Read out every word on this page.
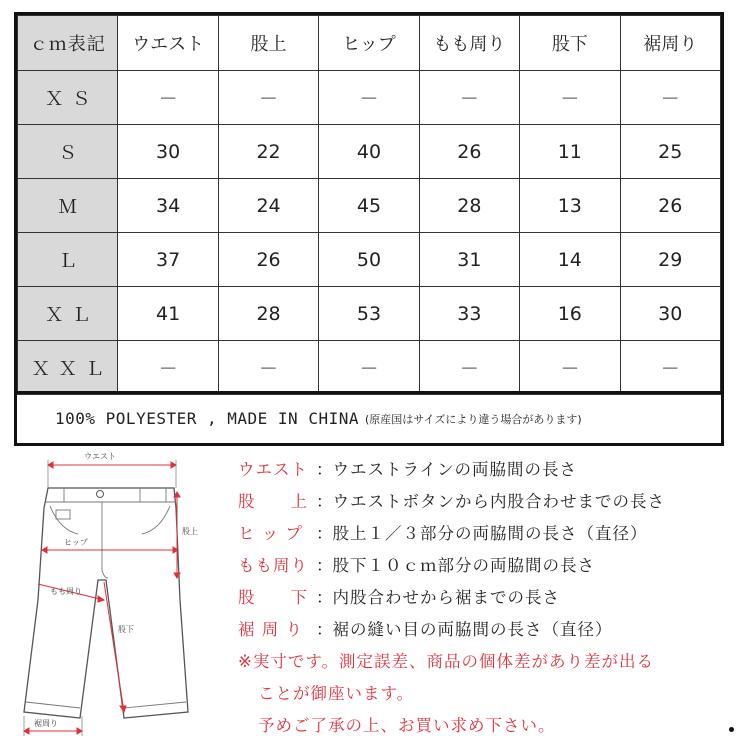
ｃｍ表記	ウエスト	股上	ヒップ	もも周り	股下	裾周り
ＸＳ	－	－	－	－	－	－
Ｓ	30	22	40	26	11	25
Ｍ	34	24	45	28	13	26
Ｌ	37	26	50	31	14	29
ＸＬ	41	28	53	33	16	30
ＸＸＬ	－	－	－	－	－	－
100% POLYESTER , MADE IN CHINA (原産国はサイズにより違う場合があります)
ウエスト
股上
ヒップ
もも周り
股下
裾周り
ウエスト ： ウエストラインの両脇間の長さ
股　　上 ： ウエストボタンから内股合わせまでの長さ
ヒ ッ プ ： 股上１／３部分の両脇間の長さ（直径）
もも周り ： 股下１０ｃｍ部分の両脇間の長さ
股　　下 ： 内股合わせから裾までの長さ
裾 周 り ： 裾の縫い目の両脇間の長さ（直径）
※実寸です。測定誤差、商品の個体差があり差が出る
ことが御座います。
予めご了承の上、お買い求め下さい。
